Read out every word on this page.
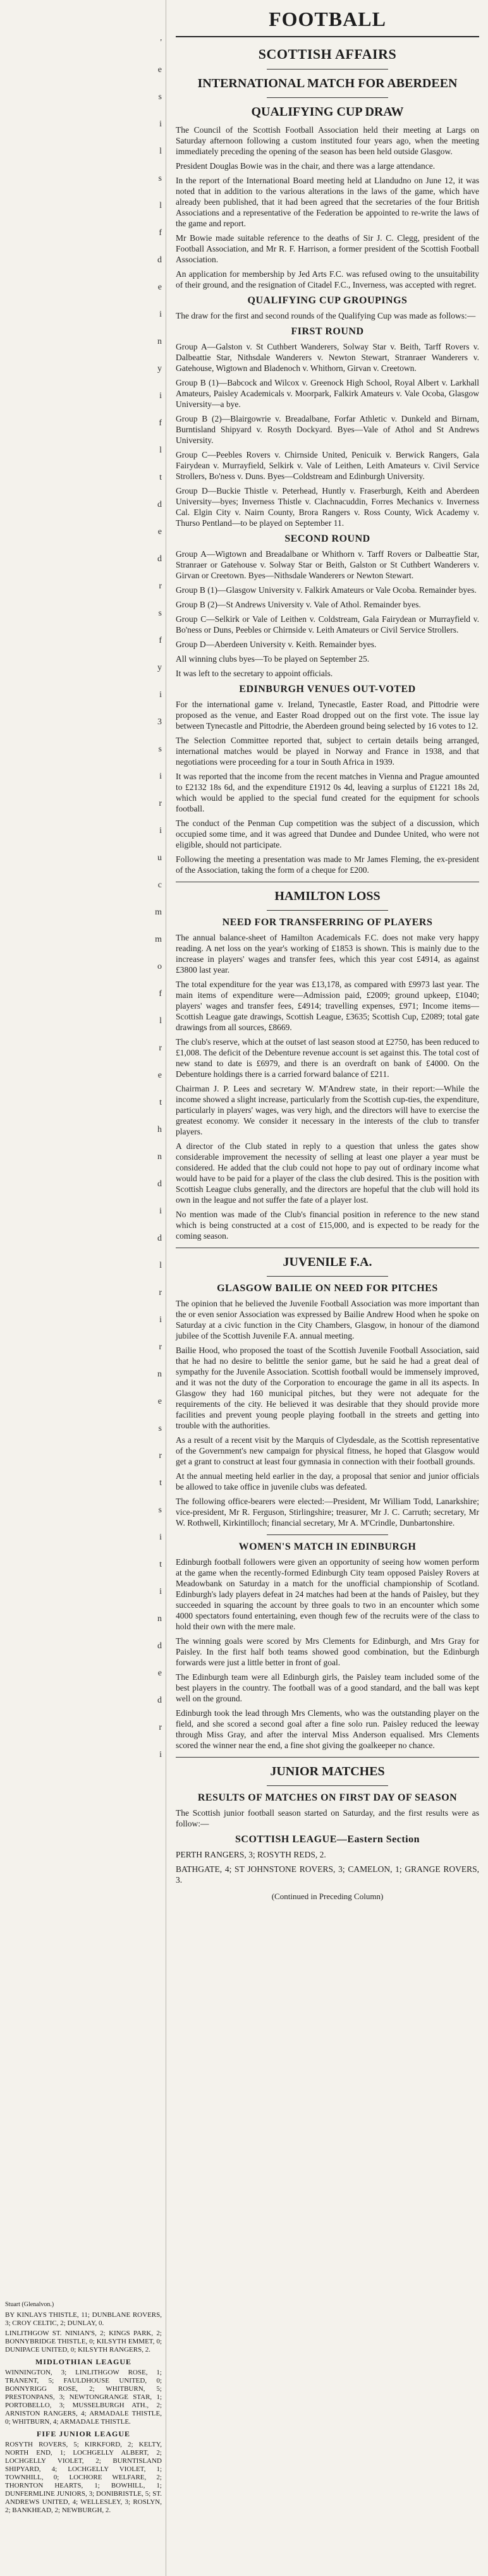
'
e
s
i
l
s
l
f
d
e
i
n
y
i
f
l
t
d
e
d
r
s
f
y
i
3
s
i
r
i
u
c
m
m
o
f
l
r
e
t
h
n
d
i
d
l
r
i
r
n
e
s
r
t
s
i
t
i
n
d
e
d
r
i
Stuart (Glenalvon.)

BY KINLAYS THISTLE, 11; DUNBLANE ROVERS, 3; CROY CELTIC, 2; DUNLAY, 0.

LINLITHGOW ST. NINIAN'S, 2; KINGS PARK, 2; BONNYBRIDGE THISTLE, 0; KILSYTH EMMET, 0; DUNIPACE UNITED, 0; KILSYTH RANGERS, 2.

MIDLOTHIAN LEAGUE

WINNINGTON, 3; LINLITHGOW ROSE, 1; TRANENT, 5; FAULDHOUSE UNITED, 0; BONNYRIGG ROSE, 2; WHITBURN, 5; PRESTONPANS, 3; NEWTONGRANGE STAR, 1; PORTOBELLO, 3; MUSSELBURGH ATH., 2; ARNISTON RANGERS, 4; ARMADALE THISTLE, 0; WHITBURN, 4; ARMADALE THISTLE.

FIFE JUNIOR LEAGUE

ROSYTH ROVERS, 5; KIRKFORD, 2; KELTY, NORTH END, 1; LOCHGELLY ALBERT, 2; LOCHGELLY VIOLET, 2; BURNTISLAND SHIPYARD, 4; LOCHGELLY VIOLET, 1; TOWNHILL, 0; LOCHORE WELFARE, 2; THORNTON HEARTS, 1; BOWHILL, 1; DUNFERMLINE JUNIORS, 3; DONIBRISTLE, 5; ST. ANDREWS UNITED, 4; WELLESLEY, 3; ROSLYN, 2; BANKHEAD, 2; NEWBURGH, 2.

FOOTBALL
SCOTTISH AFFAIRS
INTERNATIONAL MATCH FOR ABERDEEN
QUALIFYING CUP DRAW

The Council of the Scottish Football Association held their meeting at Largs on Saturday afternoon following a custom instituted four years ago, when the meeting immediately preceding the opening of the season has been held outside Glasgow.

President Douglas Bowie was in the chair, and there was a large attendance.

In the report of the International Board meeting held at Llandudno on June 12, it was noted that in addition to the various alterations in the laws of the game, which have already been published, that it had been agreed that the secretaries of the four British Associations and a representative of the Federation be appointed to re-write the laws of the game and report.

Mr Bowie made suitable reference to the deaths of Sir J. C. Clegg, president of the Football Association, and Mr R. F. Harrison, a former president of the Scottish Football Association.

An application for membership by Jed Arts F.C. was refused owing to the unsuitability of their ground, and the resignation of Citadel F.C., Inverness, was accepted with regret.

QUALIFYING CUP GROUPINGS

The draw for the first and second rounds of the Qualifying Cup was made as follows:—

FIRST ROUND

Group A—Galston v. St Cuthbert Wanderers, Solway Star v. Beith, Tarff Rovers v. Dalbeattie Star, Nithsdale Wanderers v. Newton Stewart, Stranraer Wanderers v. Gatehouse, Wigtown and Bladenoch v. Whithorn, Girvan v. Creetown.

Group B (1)—Babcock and Wilcox v. Greenock High School, Royal Albert v. Larkhall Amateurs, Paisley Academicals v. Moorpark, Falkirk Amateurs v. Vale Ocoba, Glasgow University—a bye.

Group B (2)—Blairgowrie v. Breadalbane, Forfar Athletic v. Dunkeld and Birnam, Burntisland Shipyard v. Rosyth Dockyard. Byes—Vale of Athol and St Andrews University.

Group C—Peebles Rovers v. Chirnside United, Penicuik v. Berwick Rangers, Gala Fairydean v. Murrayfield, Selkirk v. Vale of Leithen, Leith Amateurs v. Civil Service Strollers, Bo'ness v. Duns. Byes—Coldstream and Edinburgh University.

Group D—Buckie Thistle v. Peterhead, Huntly v. Fraserburgh, Keith and Aberdeen University—byes; Inverness Thistle v. Clachnacuddin, Forres Mechanics v. Inverness Cal. Elgin City v. Nairn County, Brora Rangers v. Ross County, Wick Academy v. Thurso Pentland—to be played on September 11.

SECOND ROUND

Group A—Wigtown and Breadalbane or Whithorn v. Tarff Rovers or Dalbeattie Star, Stranraer or Gatehouse v. Solway Star or Beith, Galston or St Cuthbert Wanderers v. Girvan or Creetown. Byes—Nithsdale Wanderers or Newton Stewart.

Group B (1)—Glasgow University v. Falkirk Amateurs or Vale Ocoba. Remainder byes.

Group B (2)—St Andrews University v. Vale of Athol. Remainder byes.

Group C—Selkirk or Vale of Leithen v. Coldstream, Gala Fairydean or Murrayfield v. Bo'ness or Duns, Peebles or Chirnside v. Leith Amateurs or Civil Service Strollers.

Group D—Aberdeen University v. Keith. Remainder byes.

All winning clubs byes—To be played on September 25.

It was left to the secretary to appoint officials.

EDINBURGH VENUES OUT-VOTED

For the international game v. Ireland, Tynecastle, Easter Road, and Pittodrie were proposed as the venue, and Easter Road dropped out on the first vote. The issue lay between Tynecastle and Pittodrie, the Aberdeen ground being selected by 16 votes to 12.

The Selection Committee reported that, subject to certain details being arranged, international matches would be played in Norway and France in 1938, and that negotiations were proceeding for a tour in South Africa in 1939.

It was reported that the income from the recent matches in Vienna and Prague amounted to £2132 18s 6d, and the expenditure £1912 0s 4d, leaving a surplus of £1221 18s 2d, which would be applied to the special fund created for the equipment for schools football.

The conduct of the Penman Cup competition was the subject of a discussion, which occupied some time, and it was agreed that Dundee and Dundee United, who were not eligible, should not participate.

Following the meeting a presentation was made to Mr James Fleming, the ex-president of the Association, taking the form of a cheque for £200.

HAMILTON LOSS
NEED FOR TRANSFERRING OF PLAYERS

The annual balance-sheet of Hamilton Academicals F.C. does not make very happy reading. A net loss on the year's working of £1853 is shown. This is mainly due to the increase in players' wages and transfer fees, which this year cost £4914, as against £3800 last year.

The total expenditure for the year was £13,178, as compared with £9973 last year. The main items of expenditure were—Admission paid, £2009; ground upkeep, £1040; players' wages and transfer fees, £4914; travelling expenses, £971; Income items—Scottish League gate drawings, Scottish League, £3635; Scottish Cup, £2089; total gate drawings from all sources, £8669.

The club's reserve, which at the outset of last season stood at £2750, has been reduced to £1,008. The deficit of the Debenture revenue account is set against this. The total cost of new stand to date is £6979, and there is an overdraft on bank of £4000. On the Debenture holdings there is a carried forward balance of £211.

Chairman J. P. Lees and secretary W. M'Andrew state, in their report:—While the income showed a slight increase, particularly from the Scottish cup-ties, the expenditure, particularly in players' wages, was very high, and the directors will have to exercise the greatest economy. We consider it necessary in the interests of the club to transfer players.

A director of the Club stated in reply to a question that unless the gates show considerable improvement the necessity of selling at least one player a year must be considered. He added that the club could not hope to pay out of ordinary income what would have to be paid for a player of the class the club desired. This is the position with Scottish League clubs generally, and the directors are hopeful that the club will hold its own in the league and not suffer the fate of a player lost.

No mention was made of the Club's financial position in reference to the new stand which is being constructed at a cost of £15,000, and is expected to be ready for the coming season.

JUVENILE F.A.
GLASGOW BAILIE ON NEED FOR PITCHES

The opinion that he believed the Juvenile Football Association was more important than the or even senior Association was expressed by Bailie Andrew Hood when he spoke on Saturday at a civic function in the City Chambers, Glasgow, in honour of the diamond jubilee of the Scottish Juvenile F.A. annual meeting.

Bailie Hood, who proposed the toast of the Scottish Juvenile Football Association, said that he had no desire to belittle the senior game, but he said he had a great deal of sympathy for the Juvenile Association. Scottish football would be immensely improved, and it was not the duty of the Corporation to encourage the game in all its aspects. In Glasgow they had 160 municipal pitches, but they were not adequate for the requirements of the city. He believed it was desirable that they should provide more facilities and prevent young people playing football in the streets and getting into trouble with the authorities.

As a result of a recent visit by the Marquis of Clydesdale, as the Scottish representative of the Government's new campaign for physical fitness, he hoped that Glasgow would get a grant to construct at least four gymnasia in connection with their football grounds.

At the annual meeting held earlier in the day, a proposal that senior and junior officials be allowed to take office in juvenile clubs was defeated.

The following office-bearers were elected:—President, Mr William Todd, Lanarkshire; vice-president, Mr R. Ferguson, Stirlingshire; treasurer, Mr J. C. Carruth; secretary, Mr W. Rothwell, Kirkintilloch; financial secretary, Mr A. M'Crindle, Dunbartonshire.

WOMEN'S MATCH IN EDINBURGH

Edinburgh football followers were given an opportunity of seeing how women perform at the game when the recently-formed Edinburgh City team opposed Paisley Rovers at Meadowbank on Saturday in a match for the unofficial championship of Scotland. Edinburgh's lady players defeat in 24 matches had been at the hands of Paisley, but they succeeded in squaring the account by three goals to two in an encounter which some 4000 spectators found entertaining, even though few of the recruits were of the class to hold their own with the mere male.

The winning goals were scored by Mrs Clements for Edinburgh, and Mrs Gray for Paisley. In the first half both teams showed good combination, but the Edinburgh forwards were just a little better in front of goal.

The Edinburgh team were all Edinburgh girls, the Paisley team included some of the best players in the country. The football was of a good standard, and the ball was kept well on the ground.

Edinburgh took the lead through Mrs Clements, who was the outstanding player on the field, and she scored a second goal after a fine solo run. Paisley reduced the leeway through Miss Gray, and after the interval Miss Anderson equalised. Mrs Clements scored the winner near the end, a fine shot giving the goalkeeper no chance.

JUNIOR MATCHES
RESULTS OF MATCHES ON FIRST DAY OF SEASON

The Scottish junior football season started on Saturday, and the first results were as follow:—

SCOTTISH LEAGUE—Eastern Section

PERTH RANGERS, 3; ROSYTH REDS, 2.

BATHGATE, 4; ST JOHNSTONE ROVERS, 3; CAMELON, 1; GRANGE ROVERS, 3.

(Continued in Preceding Column)
